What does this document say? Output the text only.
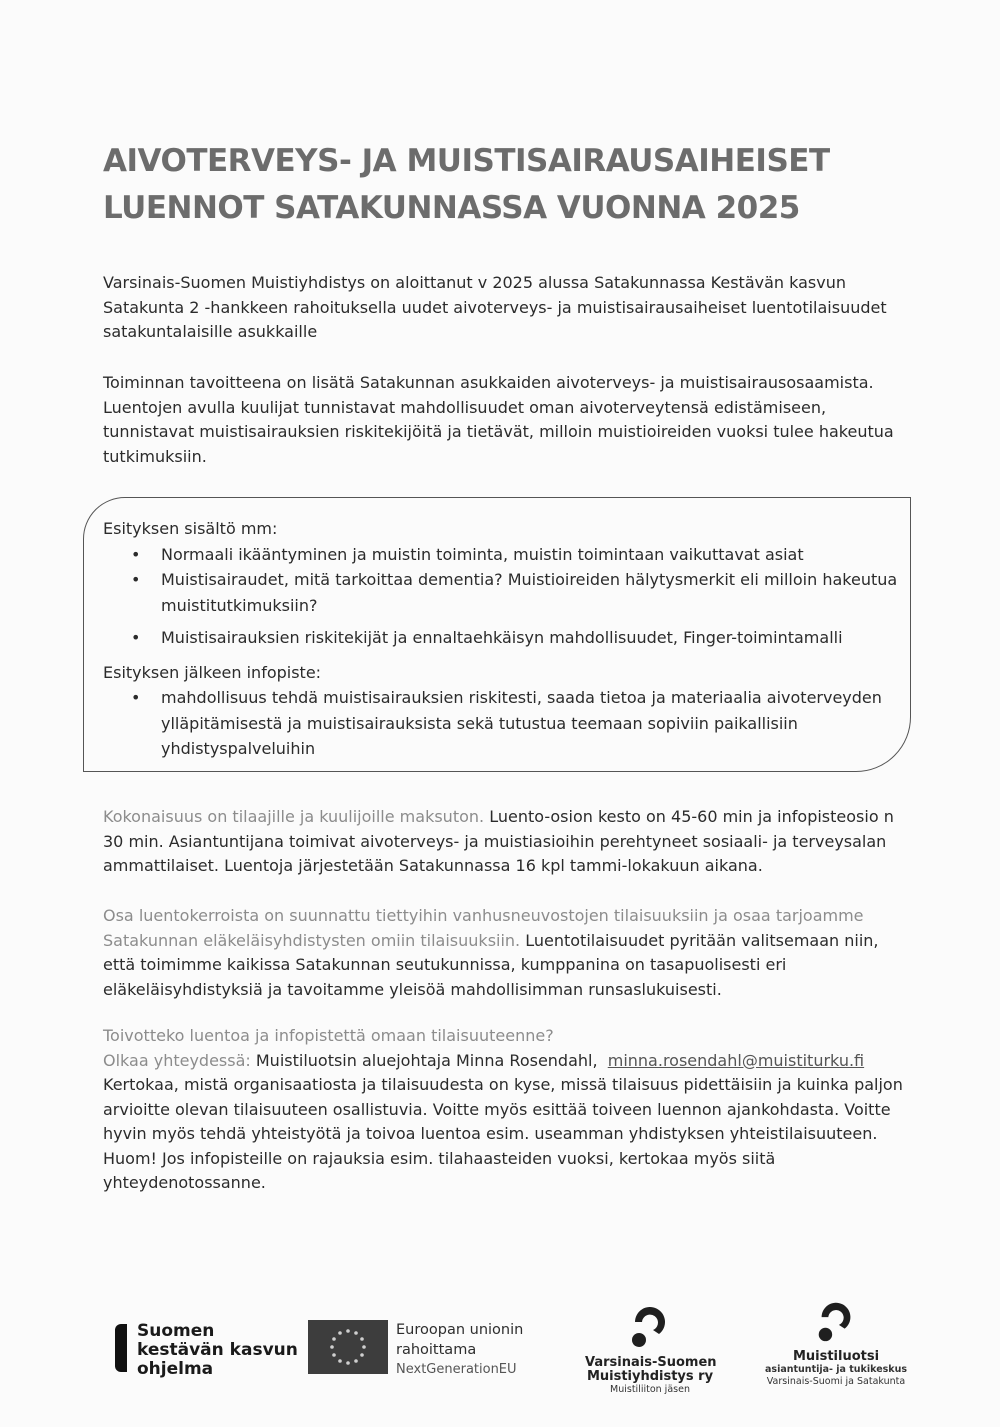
AIVOTERVEYS- JA MUISTISAIRAUSAIHEISET
LUENNOT SATAKUNNASSA VUONNA 2025

Varsinais-Suomen Muistiyhdistys on aloittanut v 2025 alussa Satakunnassa Kestävän kasvun Satakunta 2 -hankkeen rahoituksella uudet aivoterveys- ja muistisairausaiheiset luentotilaisuudet satakuntalaisille asukkaille

Toiminnan tavoitteena on lisätä Satakunnan asukkaiden aivoterveys- ja muistisairausosaamista. Luentojen avulla kuulijat tunnistavat mahdollisuudet oman aivoterveytensä edistämiseen, tunnistavat muistisairauksien riskitekijöitä ja tietävät, milloin muistioireiden vuoksi tulee hakeutua tutkimuksiin.

Esityksen sisältö mm:

• Normaali ikääntyminen ja muistin toiminta, muistin toimintaan vaikuttavat asiat
• Muistisairaudet, mitä tarkoittaa dementia? Muistioireiden hälytysmerkit eli milloin hakeutua muistitutkimuksiin?
• Muistisairauksien riskitekijät ja ennaltaehkäisyn mahdollisuudet, Finger-toimintamalli

Esityksen jälkeen infopiste:

• mahdollisuus tehdä muistisairauksien riskitesti, saada tietoa ja materiaalia aivoterveyden ylläpitämisestä ja muistisairauksista sekä tutustua teemaan sopiviin paikallisiin yhdistyspalveluihin

Kokonaisuus on tilaajille ja kuulijoille maksuton. Luento-osion kesto on 45-60 min ja infopisteosio n 30 min. Asiantuntijana toimivat aivoterveys- ja muistiasioihin perehtyneet sosiaali- ja terveysalan ammattilaiset. Luentoja järjestetään Satakunnassa 16 kpl tammi-lokakuun aikana.

Osa luentokerroista on suunnattu tiettyihin vanhusneuvostojen tilaisuuksiin ja osaa tarjoamme Satakunnan eläkeläisyhdistysten omiin tilaisuuksiin. Luentotilaisuudet pyritään valitsemaan niin, että toimimme kaikissa Satakunnan seutukunnissa, kumppanina on tasapuolisesti eri eläkeläisyhdistyksiä ja tavoitamme yleisöä mahdollisimman runsaslukuisesti.

Toivotteko luentoa ja infopistettä omaan tilaisuuteenne?
Olkaa yhteydessä: Muistiluotsin aluejohtaja Minna Rosendahl, minna.rosendahl@muistiturku.fi
Kertokaa, mistä organisaatiosta ja tilaisuudesta on kyse, missä tilaisuus pidettäisiin ja kuinka paljon arvioitte olevan tilaisuuteen osallistuvia. Voitte myös esittää toiveen luennon ajankohdasta. Voitte hyvin myös tehdä yhteistyötä ja toivoa luentoa esim. useamman yhdistyksen yhteistilaisuuteen. Huom! Jos infopisteille on rajauksia esim. tilahaasteiden vuoksi, kertokaa myös siitä yhteydenotossanne.
Suomen
kestävän kasvun
ohjelma
Euroopan unionin
rahoittama
NextGenerationEU	Varsinais-Suomen
Muistiyhdistys ry
Muistiliiton jäsen
Muistiluotsi
asiantuntija- ja tukikeskus
Varsinais-Suomi ja Satakunta
